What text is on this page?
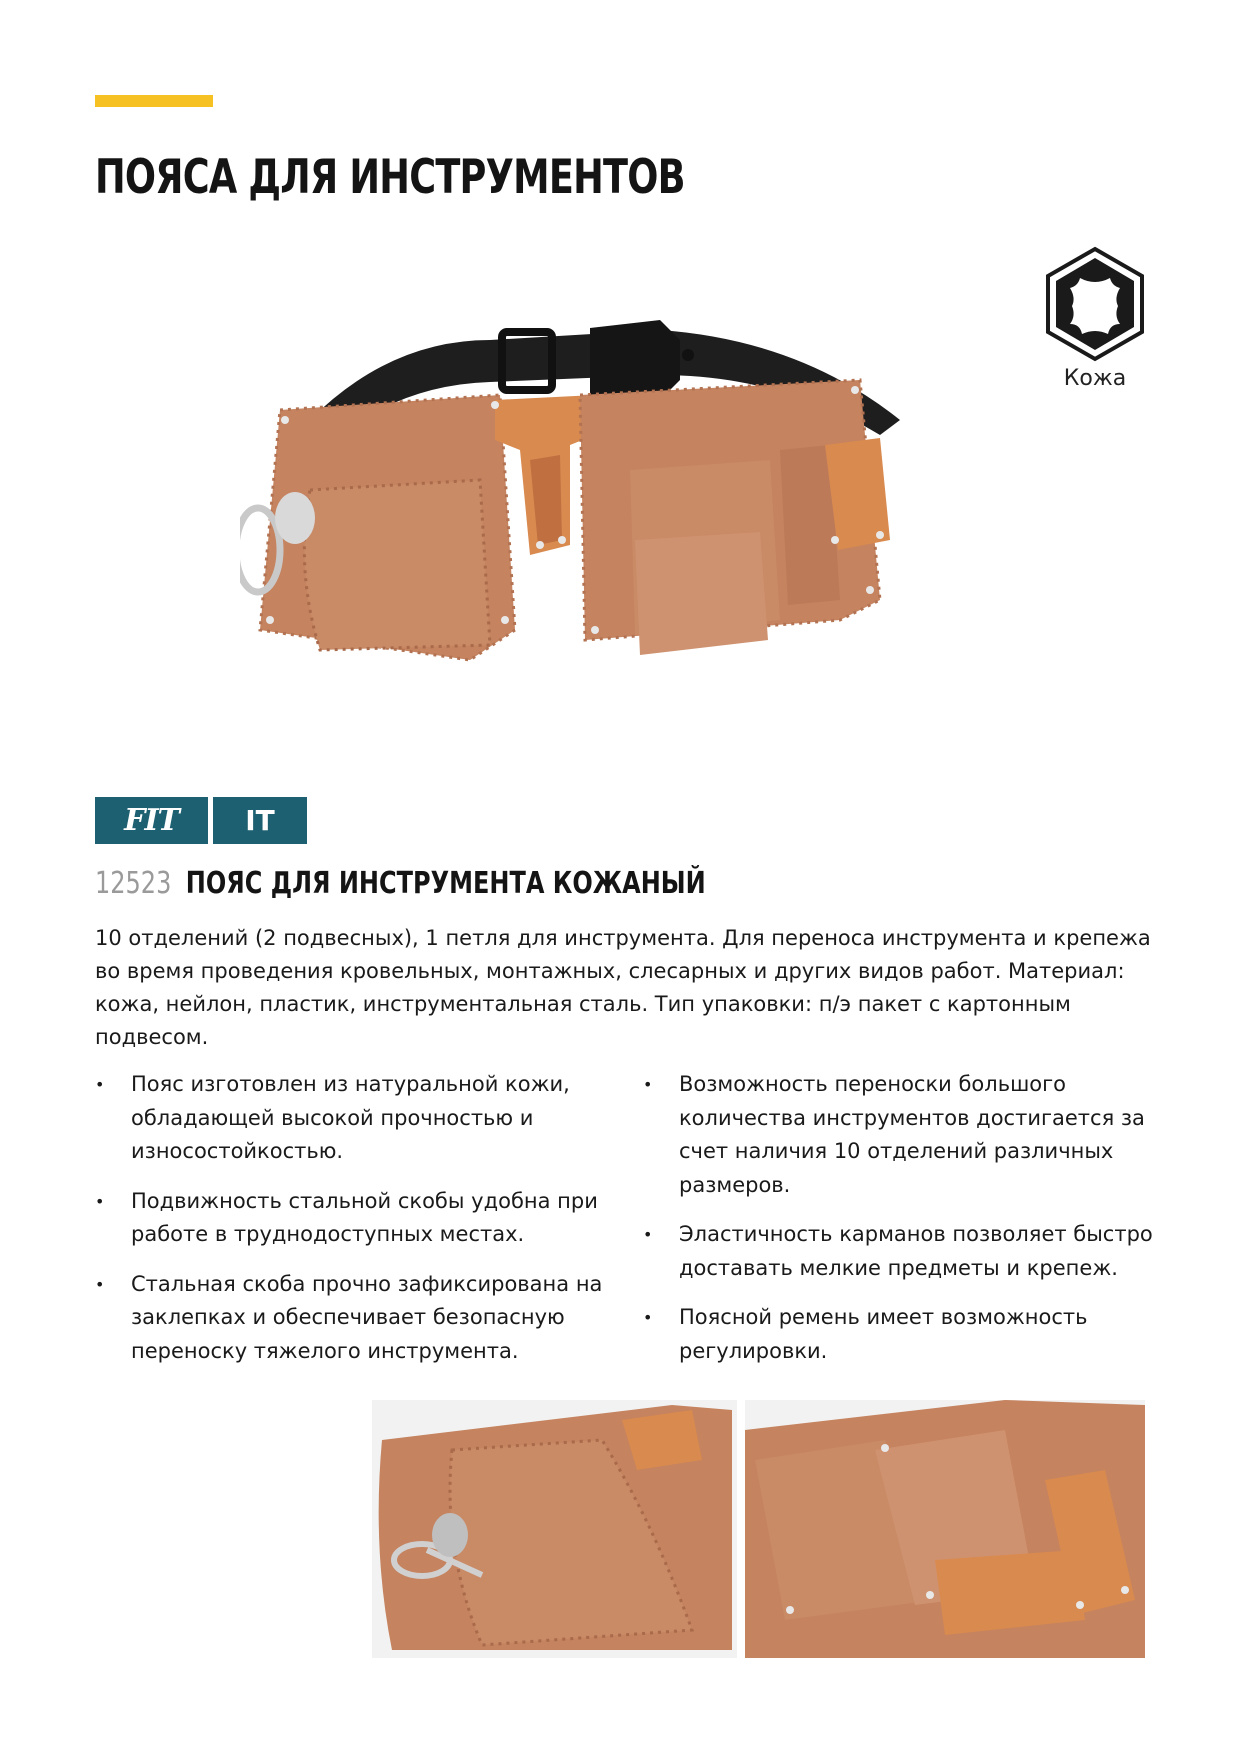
ПОЯСА ДЛЯ ИНСТРУМЕНТОВ
Кожа
FIT	IT
12523 ПОЯС ДЛЯ ИНСТРУМЕНТА КОЖАНЫЙ

10 отделений (2 подвесных), 1 петля для инструмента. Для переноса инструмента и крепежа во время проведения кровельных, монтажных, слесарных и других видов работ. Материал: кожа, нейлон, пластик, инструментальная сталь. Тип упаковки: п/э пакет с картонным подвесом.

• Пояс изготовлен из натуральной кожи, обладающей высокой прочностью и износостойкостью.
• Подвижность стальной скобы удобна при работе в труднодоступных местах.
• Стальная скоба прочно зафиксирована на заклепках и обеспечивает безопасную переноску тяжелого инструмента.
• Возможность переноски большого количества инструментов достигается за счет наличия 10 отделений различных размеров.
• Эластичность карманов позволяет быстро доставать мелкие предметы и крепеж.
• Поясной ремень имеет возможность регулировки.
